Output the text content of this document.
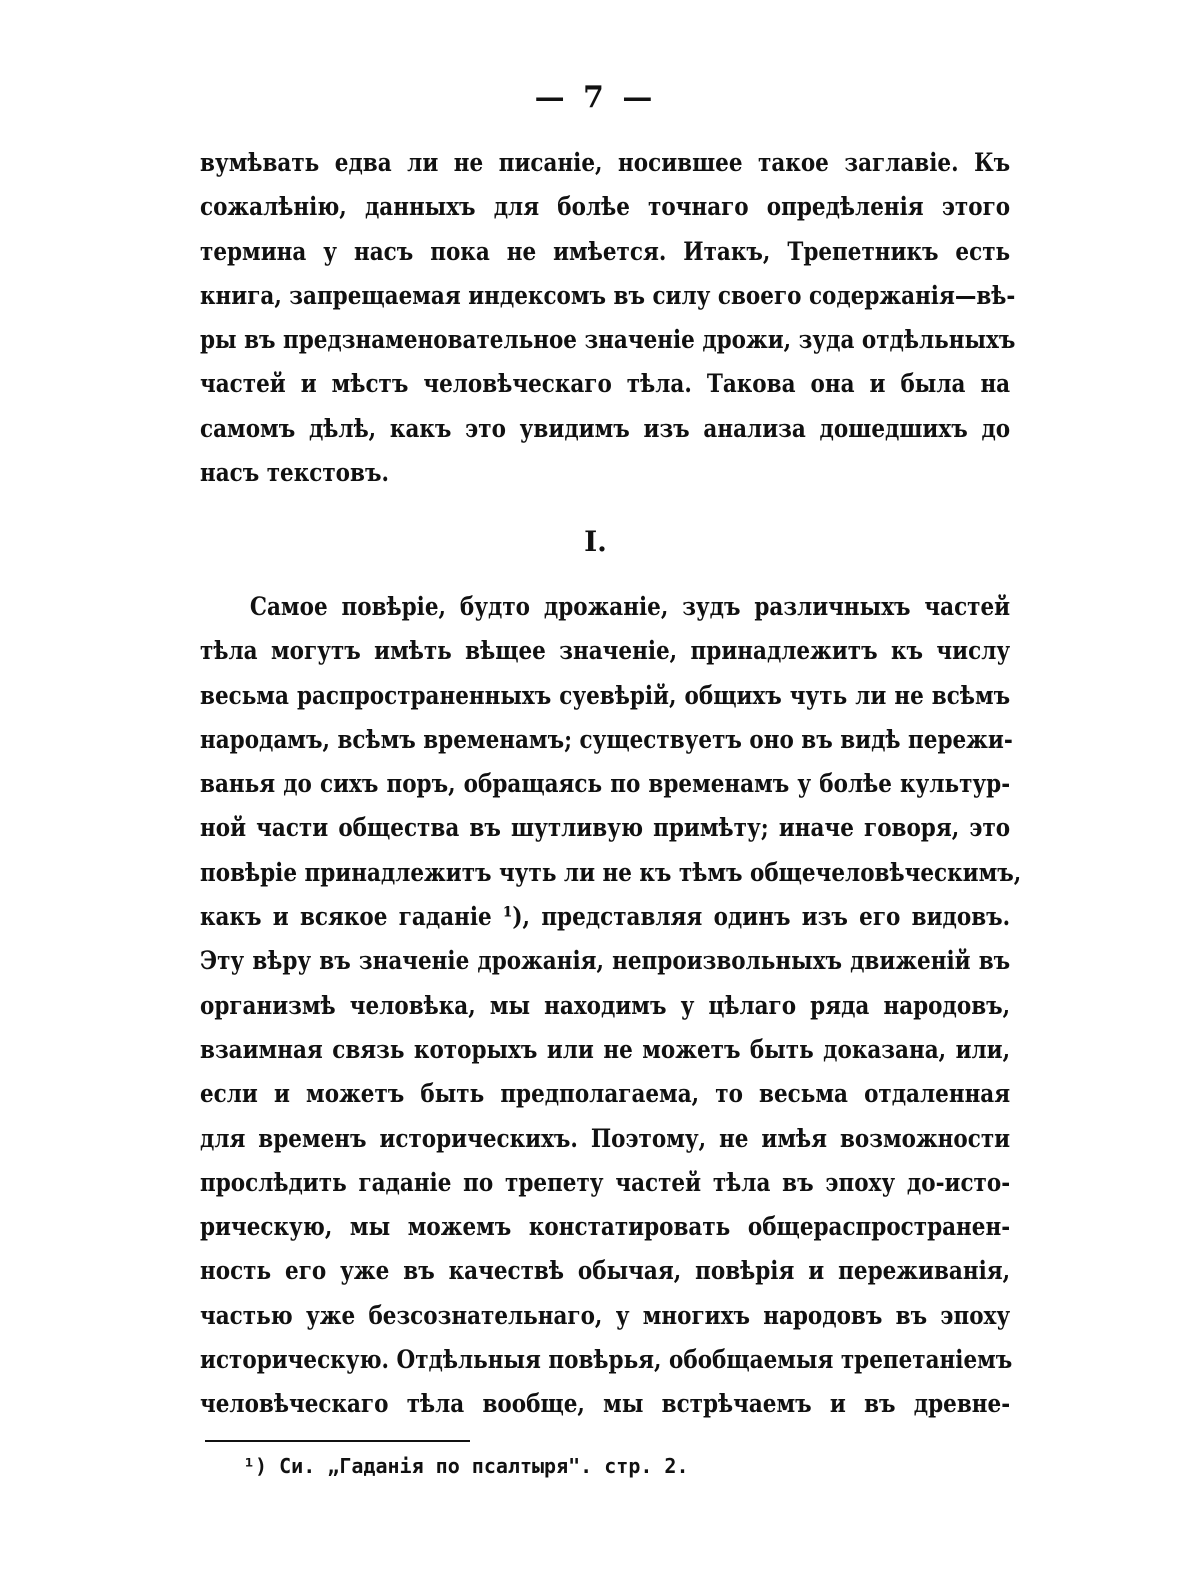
— 7 —
вумѣвать едва ли не писаніе, носившее такое заглавіе. Къ
сожалѣнію, данныхъ для болѣе точнаго опредѣленія этого
термина у насъ пока не имѣется. Итакъ, Трепетникъ есть
книга, запрещаемая индексомъ въ силу своего содержанія—вѣ-
ры въ предзнаменовательное значеніе дрожи, зуда отдѣльныхъ
частей и мѣстъ человѣческаго тѣла. Такова она и была на
самомъ дѣлѣ, какъ это увидимъ изъ анализа дошедшихъ до
насъ текстовъ.
I.
Самое повѣріе, будто дрожаніе, зудъ различныхъ частей
тѣла могутъ имѣть вѣщее значеніе, принадлежитъ къ числу
весьма распространенныхъ суевѣрій, общихъ чуть ли не всѣмъ
народамъ, всѣмъ временамъ; существуетъ оно въ видѣ пережи-
ванья до сихъ поръ, обращаясь по временамъ у болѣе культур-
ной части общества въ шутливую примѣту; иначе говоря, это
повѣріе принадлежитъ чуть ли не къ тѣмъ общечеловѣческимъ,
какъ и всякое гаданіе ¹), представляя одинъ изъ его видовъ.
Эту вѣру въ значеніе дрожанія, непроизвольныхъ движеній въ
организмѣ человѣка, мы находимъ у цѣлаго ряда народовъ,
взаимная связь которыхъ или не можетъ быть доказана, или,
если и можетъ быть предполагаема, то весьма отдаленная
для временъ историческихъ. Поэтому, не имѣя возможности
прослѣдить гаданіе по трепету частей тѣла въ эпоху до-исто-
рическую, мы можемъ констатировать общераспространен-
ность его уже въ качествѣ обычая, повѣрія и переживанія,
частью уже безсознательнаго, у многихъ народовъ въ эпоху
историческую. Отдѣльныя повѣрья, обобщаемыя трепетаніемъ
человѣческаго тѣла вообще, мы встрѣчаемъ и въ древне-
¹) Си. „Гаданія по псалтыря". стр. 2.
